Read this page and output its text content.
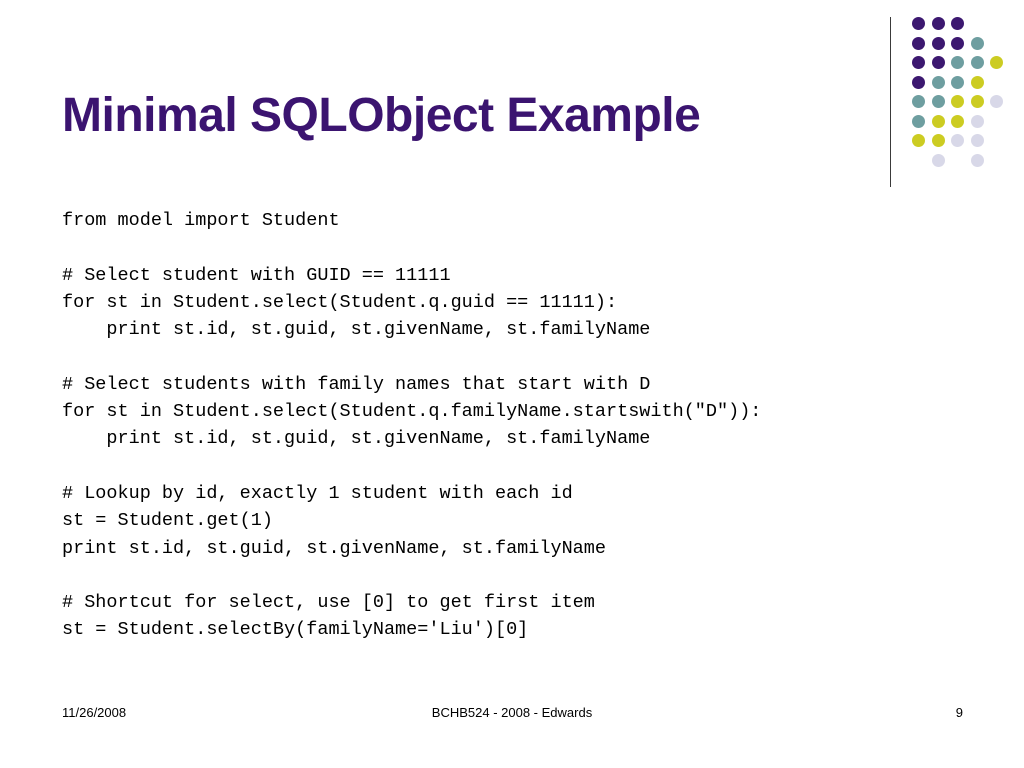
Minimal SQLObject Example
from model import Student
# Select student with GUID == 11111
for st in Student.select(Student.q.guid == 11111):
print st.id, st.guid, st.givenName, st.familyName
# Select students with family names that start with D
for st in Student.select(Student.q.familyName.startswith("D")):
print st.id, st.guid, st.givenName, st.familyName
# Lookup by id, exactly 1 student with each id
st = Student.get(1)
print st.id, st.guid, st.givenName, st.familyName
# Shortcut for select, use [0] to get first item
st = Student.selectBy(familyName='Liu')[0]
11/26/2008	BCHB524 - 2008 - Edwards	9
